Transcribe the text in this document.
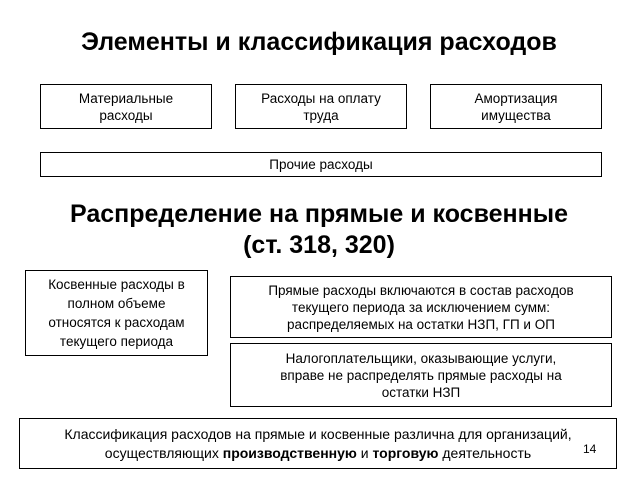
Элементы и классификация расходов
Материальные
расходы
Расходы на оплату
труда
Амортизация
имущества
Прочие расходы
Распределение на прямые и косвенные
(ст. 318, 320)
Косвенные расходы в
полном объеме
относятся к расходам
текущего периода
Прямые расходы включаются в состав расходов
текущего периода за исключением сумм:
распределяемых на остатки НЗП, ГП и ОП
Налогоплательщики, оказывающие услуги,
вправе не распределять прямые расходы на
остатки НЗП
Классификация расходов на прямые и косвенные различна для организаций,
осуществляющих производственную и торговую деятельность	14
